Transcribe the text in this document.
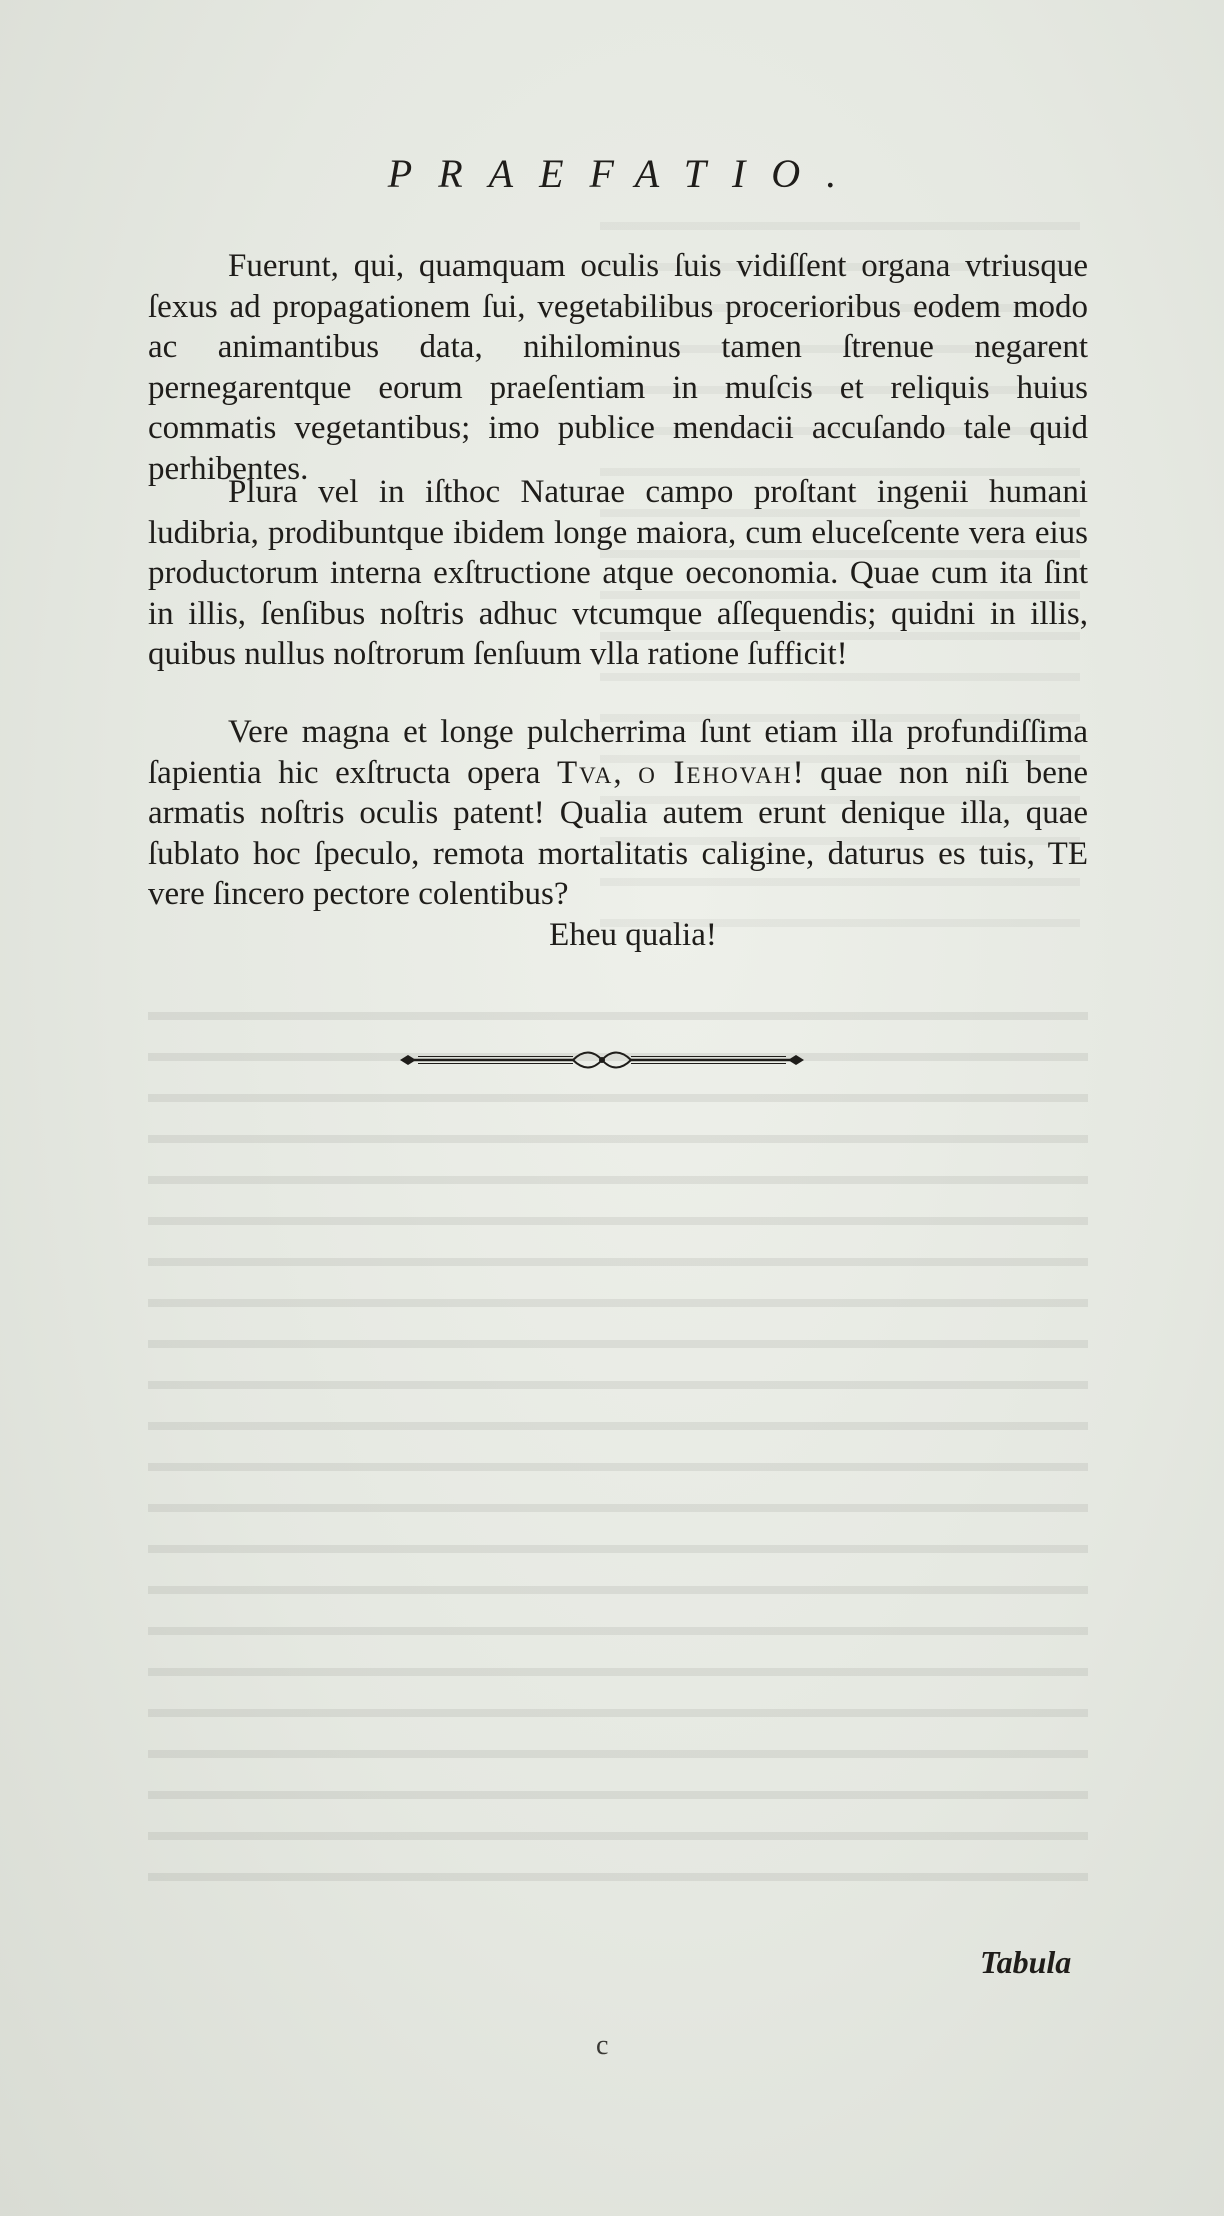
PRAEFATIO.

Fuerunt, qui, quamquam oculis ſuis vidiſſent organa vtriusque ſexus ad propagationem ſui, vegetabilibus procerioribus eodem modo ac animantibus data, nihilominus tamen ſtrenue negarent pernegarentque eorum praeſentiam in muſcis et reliquis huius commatis vegetantibus; imo publice mendacii accuſando tale quid perhibentes.

Plura vel in iſthoc Naturae campo proſtant ingenii humani ludibria, prodibuntque ibidem longe maiora, cum eluceſcente vera eius productorum interna exſtructione atque oeconomia. Quae cum ita ſint in illis, ſenſibus noſtris adhuc vtcumque aſſequendis; quidni in illis, quibus nullus noſtrorum ſenſuum vlla ratione ſufficit!

Vere magna et longe pulcherrima ſunt etiam illa profundiſſima ſapientia hic exſtructa opera Tva, o Iehovah! quae non niſi bene armatis noſtris oculis patent! Qualia autem erunt denique illa, quae ſublato hoc ſpeculo, remota mortalitatis caligine, daturus es tuis, TE vere ſincero pectore colentibus?
Eheu qualia!

Tabula
c
